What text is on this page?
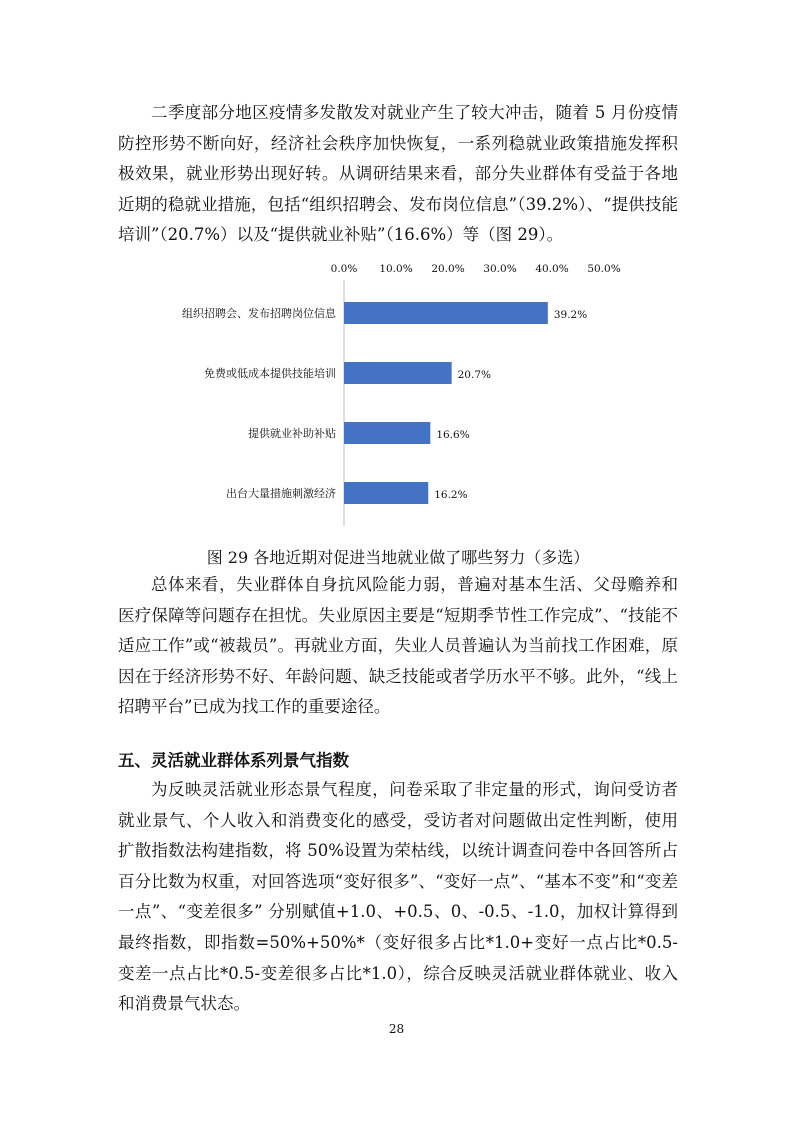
二季度部分地区疫情多发散发对就业产生了较大冲击，随着 5 月份疫情防控形势不断向好，经济社会秩序加快恢复，一系列稳就业政策措施发挥积极效果，就业形势出现好转。从调研结果来看，部分失业群体有受益于各地近期的稳就业措施，包括“组织招聘会、发布岗位信息”（39.2%）、“提供技能培训”（20.7%）以及“提供就业补贴”（16.6%）等（图 29）。

0.0% 10.0% 20.0% 30.0% 40.0% 50.0%
组织招聘会、发布招聘岗位信息	39.2%
免费或低成本提供技能培训	20.7%
提供就业补助补贴	16.6%
出台大量措施刺激经济	16.2%

图 29 各地近期对促进当地就业做了哪些努力（多选）

总体来看，失业群体自身抗风险能力弱，普遍对基本生活、父母赡养和医疗保障等问题存在担忧。失业原因主要是“短期季节性工作完成”、“技能不适应工作”或“被裁员”。再就业方面，失业人员普遍认为当前找工作困难，原因在于经济形势不好、年龄问题、缺乏技能或者学历水平不够。此外，“线上招聘平台”已成为找工作的重要途径。

五、灵活就业群体系列景气指数

为反映灵活就业形态景气程度，问卷采取了非定量的形式，询问受访者就业景气、个人收入和消费变化的感受，受访者对问题做出定性判断，使用扩散指数法构建指数，将 50%设置为荣枯线，以统计调查问卷中各回答所占百分比数为权重，对回答选项“变好很多”、“变好一点”、“基本不变”和“变差一点”、“变差很多” 分别赋值+1.0、+0.5、0、-0.5、-1.0，加权计算得到最终指数，即指数=50%+50%*（变好很多占比*1.0+变好一点占比*0.5-变差一点占比*0.5-变差很多占比*1.0），综合反映灵活就业群体就业、收入和消费景气状态。

28
